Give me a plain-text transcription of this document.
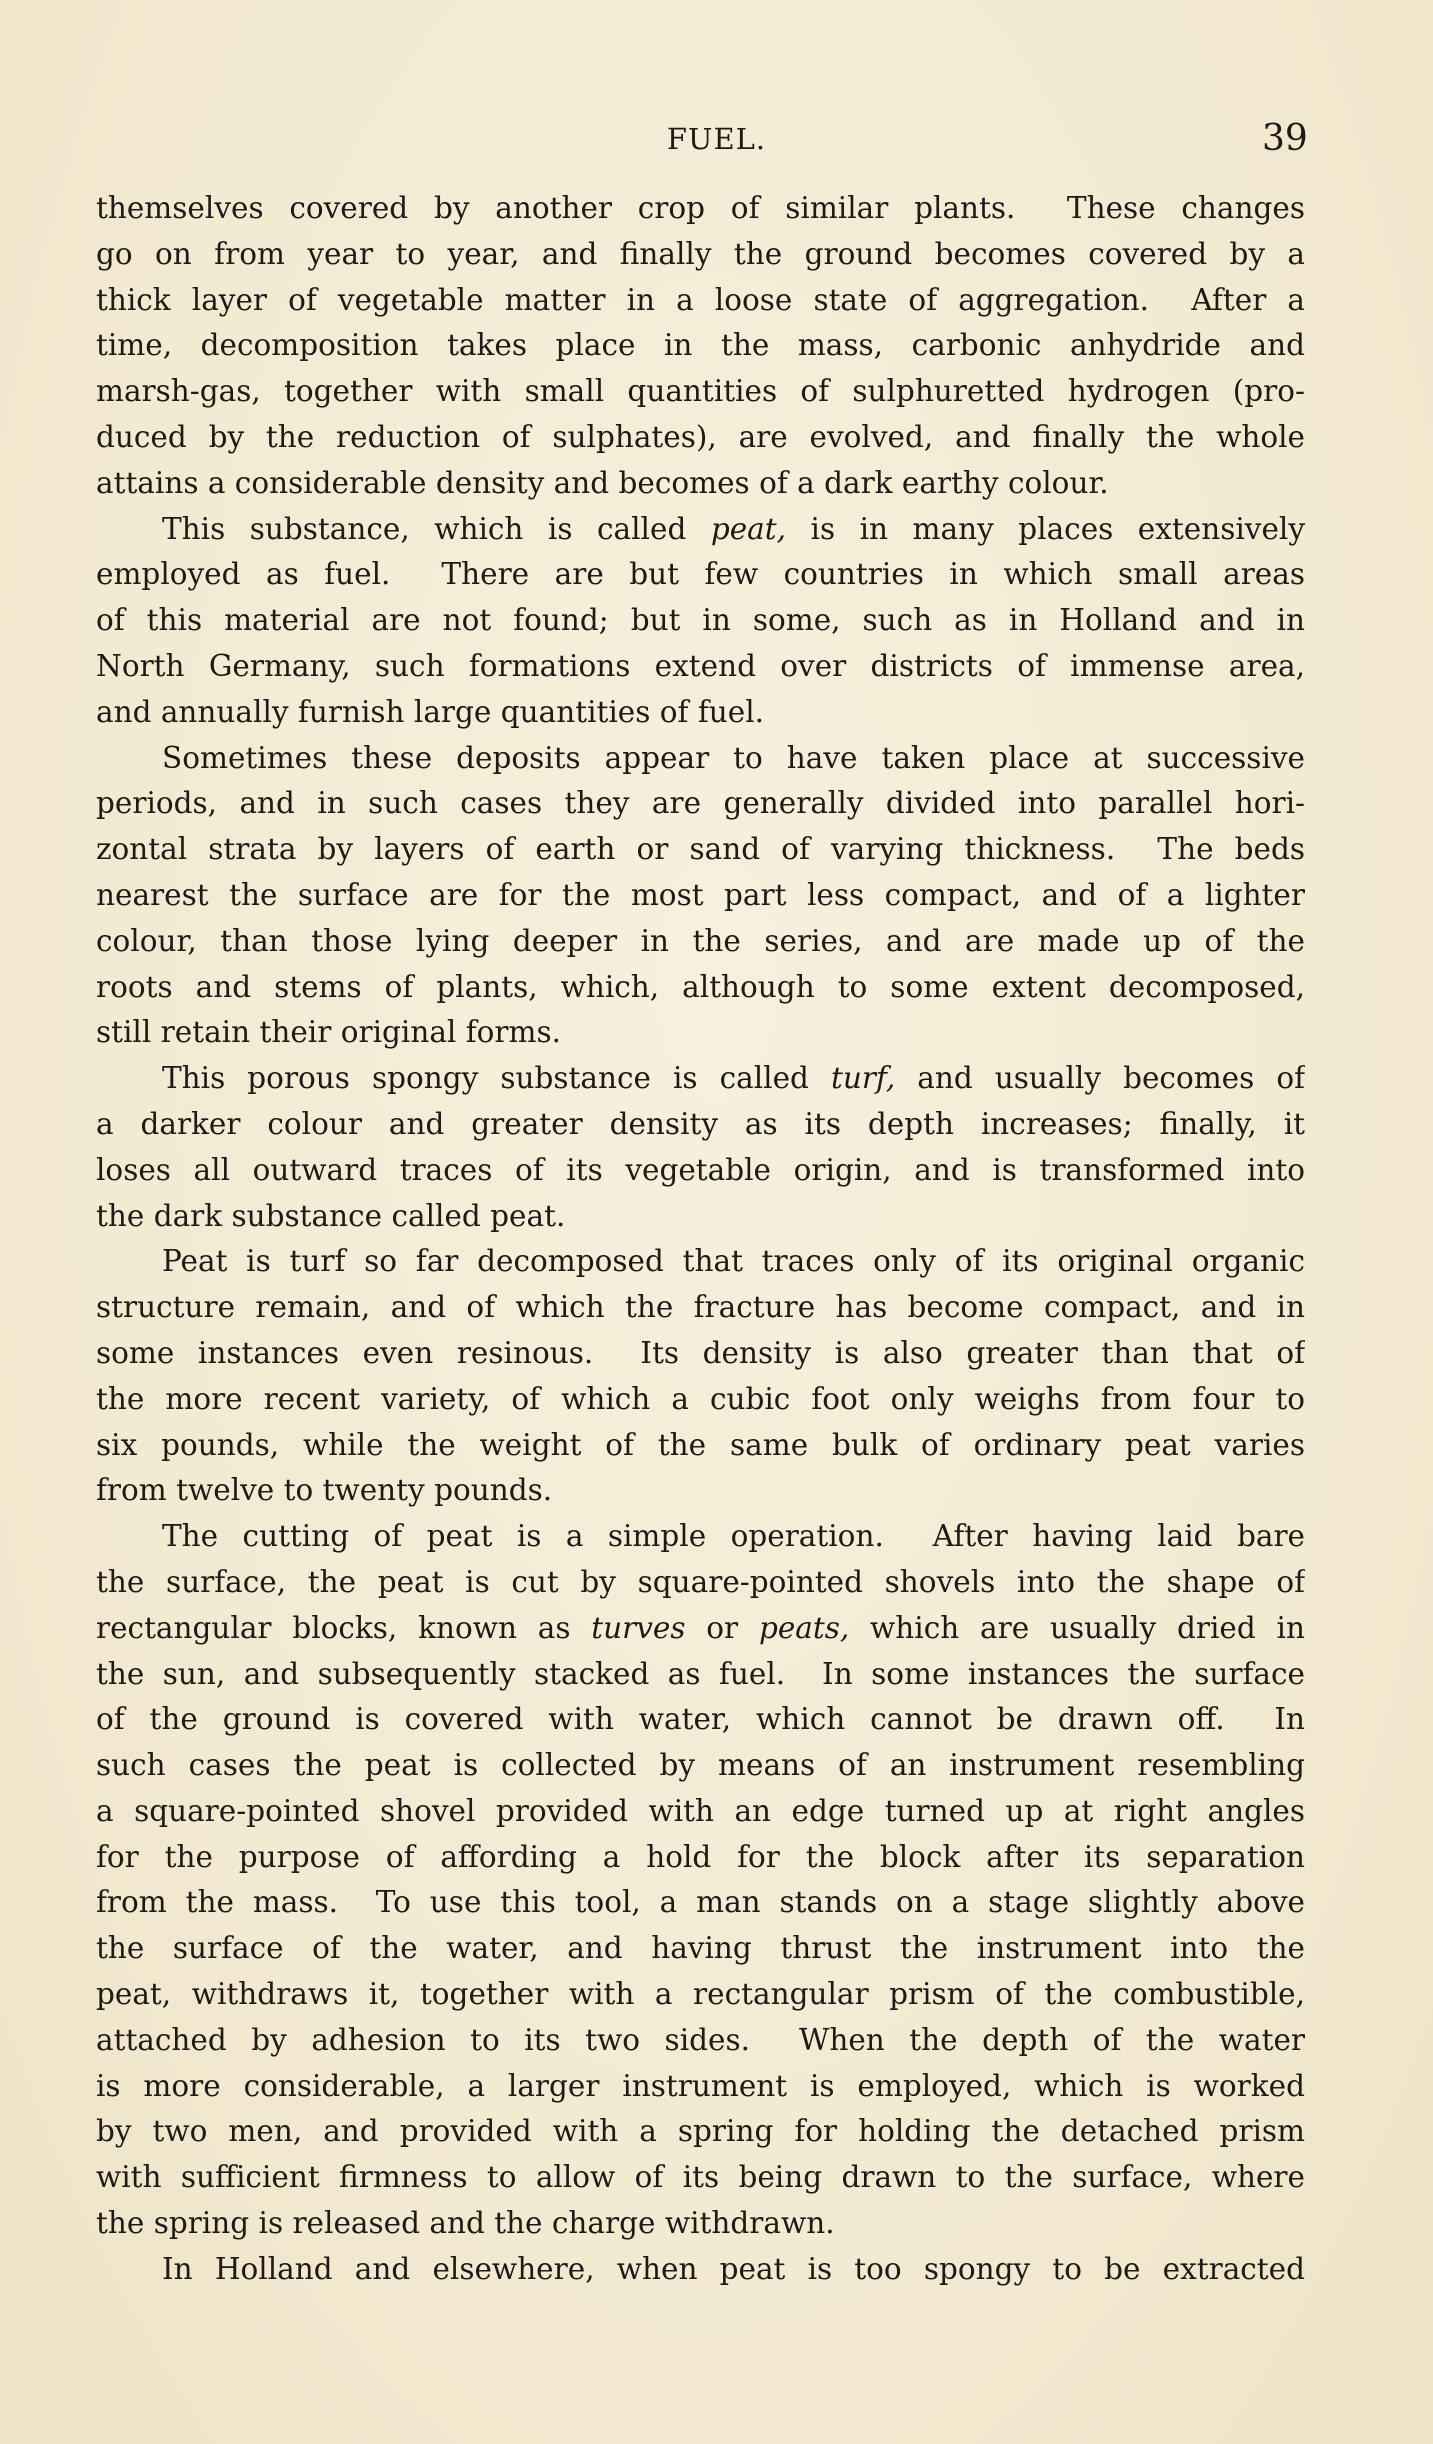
FUEL.	39
themselves covered by another crop of similar plants.  These changes
go on from year to year, and finally the ground becomes covered by a
thick layer of vegetable matter in a loose state of aggregation.  After a
time, decomposition takes place in the mass, carbonic anhydride and
marsh-gas, together with small quantities of sulphuretted hydrogen (pro-
duced by the reduction of sulphates), are evolved, and finally the whole
attains a considerable density and becomes of a dark earthy colour.
This substance, which is called peat, is in many places extensively
employed as fuel.  There are but few countries in which small areas
of this material are not found; but in some, such as in Holland and in
North Germany, such formations extend over districts of immense area,
and annually furnish large quantities of fuel.
Sometimes these deposits appear to have taken place at successive
periods, and in such cases they are generally divided into parallel hori-
zontal strata by layers of earth or sand of varying thickness.  The beds
nearest the surface are for the most part less compact, and of a lighter
colour, than those lying deeper in the series, and are made up of the
roots and stems of plants, which, although to some extent decomposed,
still retain their original forms.
This porous spongy substance is called turf, and usually becomes of
a darker colour and greater density as its depth increases; finally, it
loses all outward traces of its vegetable origin, and is transformed into
the dark substance called peat.
Peat is turf so far decomposed that traces only of its original organic
structure remain, and of which the fracture has become compact, and in
some instances even resinous.  Its density is also greater than that of
the more recent variety, of which a cubic foot only weighs from four to
six pounds, while the weight of the same bulk of ordinary peat varies
from twelve to twenty pounds.
The cutting of peat is a simple operation.  After having laid bare
the surface, the peat is cut by square-pointed shovels into the shape of
rectangular blocks, known as turves or peats, which are usually dried in
the sun, and subsequently stacked as fuel.  In some instances the surface
of the ground is covered with water, which cannot be drawn off.  In
such cases the peat is collected by means of an instrument resembling
a square-pointed shovel provided with an edge turned up at right angles
for the purpose of affording a hold for the block after its separation
from the mass.  To use this tool, a man stands on a stage slightly above
the surface of the water, and having thrust the instrument into the
peat, withdraws it, together with a rectangular prism of the combustible,
attached by adhesion to its two sides.  When the depth of the water
is more considerable, a larger instrument is employed, which is worked
by two men, and provided with a spring for holding the detached prism
with sufficient firmness to allow of its being drawn to the surface, where
the spring is released and the charge withdrawn.
In Holland and elsewhere, when peat is too spongy to be extracted
